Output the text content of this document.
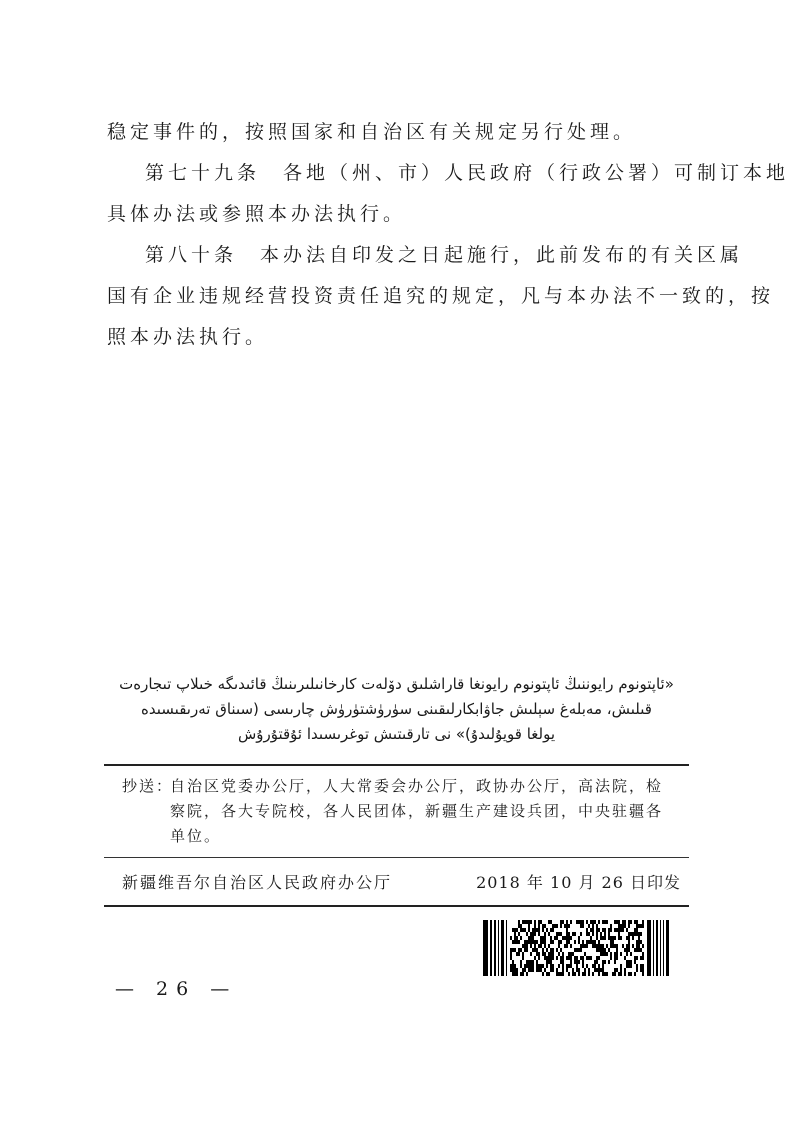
稳定事件的，按照国家和自治区有关规定另行处理。

第七十九条　各地（州、市）人民政府（行政公署）可制订本地
具体办法或参照本办法执行。

第八十条　本办法自印发之日起施行，此前发布的有关区属
国有企业违规经营投资责任追究的规定，凡与本办法不一致的，按
照本办法执行。

«ئاپتونوم رايوننىڭ ئاپتونوم رايونغا قاراشلىق دۆلەت كارخانىلىرىنىڭ قائىدىگە خىلاپ تىجارەت
قىلىش، مەبلەغ سېلىش جاۋابكارلىقىنى سۈرۈشتۈرۈش چارىسى (سىناق تەرىقىسىدە
يولغا قويۇلىدۇ)» نى تارقىتىش توغرىسىدا ئۇقتۇرۇش

抄送：
自治区党委办公厅，人大常委会办公厅，政协办公厅，高法院，检
察院，各大专院校，各人民团体，新疆生产建设兵团，中央驻疆各
单位。
新疆维吾尔自治区人民政府办公厅	2018 年 10 月 26 日印发
— 26 —
